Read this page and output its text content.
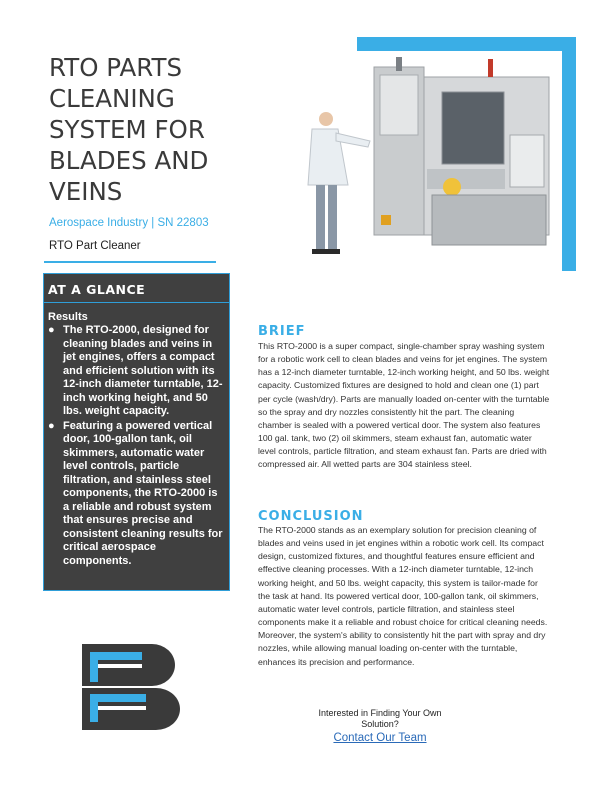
RTO PARTS
CLEANING
SYSTEM FOR
BLADES AND
VEINS
Aerospace Industry | SN 22803
RTO Part Cleaner
AT A GLANCE
Results
● The RTO-2000, designed for cleaning blades and veins in jet engines, offers a compact and efficient solution with its 12-inch diameter turntable, 12-inch working height, and 50 lbs. weight capacity.
● Featuring a powered vertical door, 100-gallon tank, oil skimmers, automatic water level controls, particle filtration, and stainless steel components, the RTO-2000 is a reliable and robust system that ensures precise and consistent cleaning results for critical aerospace components.
BRIEF

This RTO-2000 is a super compact, single-chamber spray washing system for a robotic work cell to clean blades and veins for jet engines. The system has a 12-inch diameter turntable, 12-inch working height, and 50 lbs. weight capacity. Customized fixtures are designed to hold and clean one (1) part per cycle (wash/dry). Parts are manually loaded on-center with the turntable so the spray and dry nozzles consistently hit the part. The cleaning chamber is sealed with a powered vertical door. The system also features 100 gal. tank, two (2) oil skimmers, steam exhaust fan, automatic water level controls, particle filtration, and steam exhaust fan. Parts are dried with compressed air. All wetted parts are 304 stainless steel.

CONCLUSION

The RTO-2000 stands as an exemplary solution for precision cleaning of blades and veins used in jet engines within a robotic work cell. Its compact design, customized fixtures, and thoughtful features ensure efficient and effective cleaning processes. With a 12-inch diameter turntable, 12-inch working height, and 50 lbs. weight capacity, this system is tailor-made for the task at hand. Its powered vertical door, 100-gallon tank, oil skimmers, automatic water level controls, particle filtration, and stainless steel components make it a reliable and robust choice for critical cleaning needs. Moreover, the system's ability to consistently hit the part with spray and dry nozzles, while allowing manual loading on-center with the turntable, enhances its precision and performance.

Interested in Finding Your Own
Solution?
Contact Our Team
